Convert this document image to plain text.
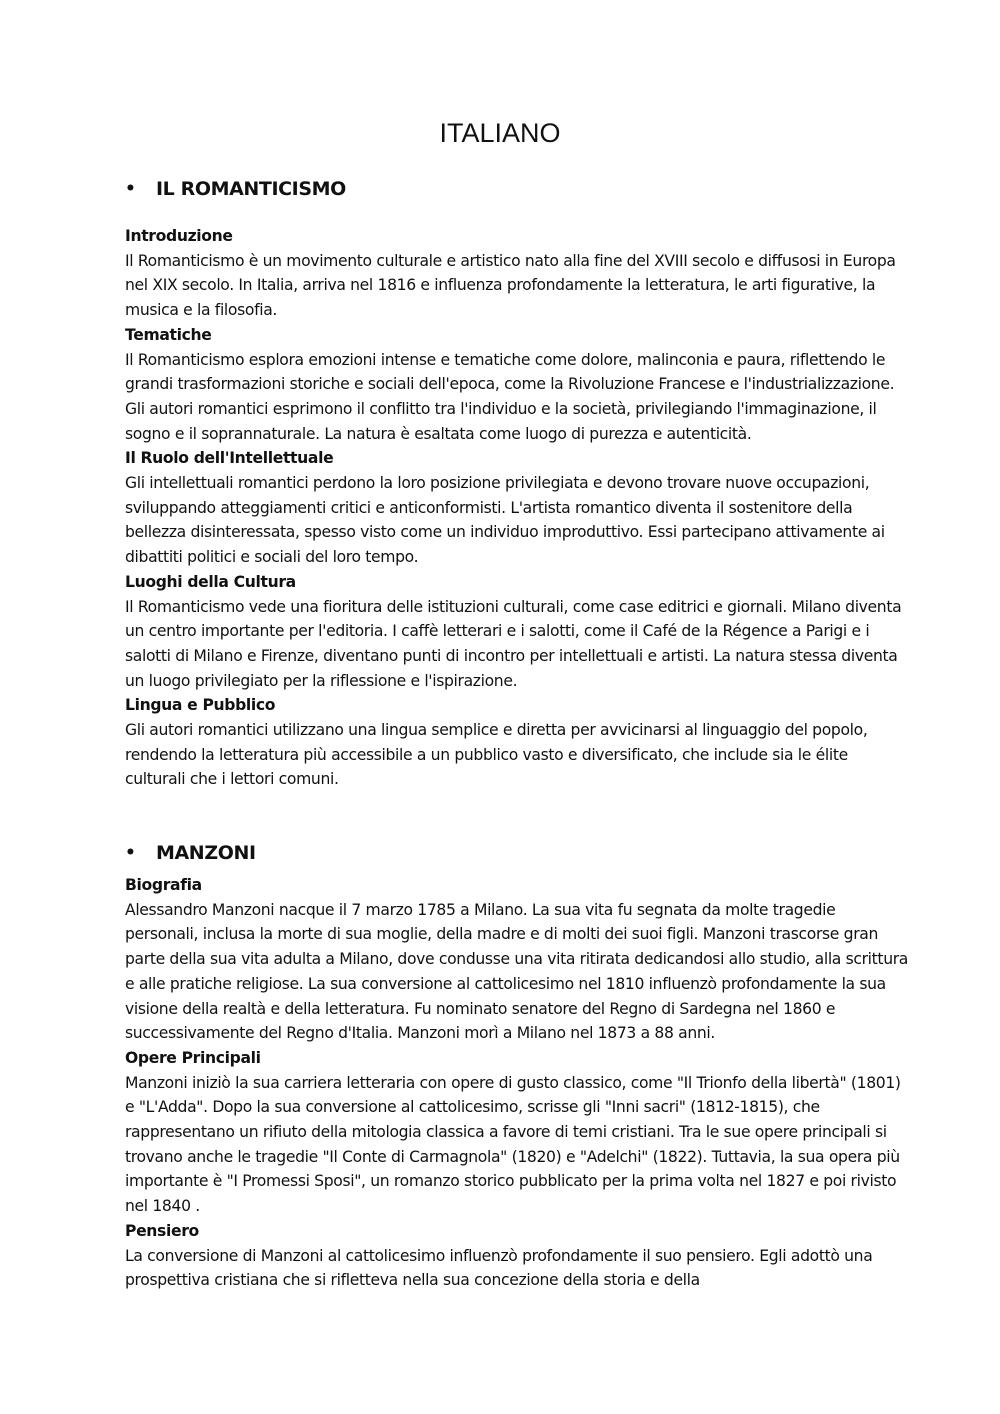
ITALIANO
•	IL ROMANTICISMO

Introduzione

Il Romanticismo è un movimento culturale e artistico nato alla fine del XVIII secolo e diffusosi in Europa nel XIX secolo. In Italia, arriva nel 1816 e influenza profondamente la letteratura, le arti figurative, la musica e la filosofia.

Tematiche

Il Romanticismo esplora emozioni intense e tematiche come dolore, malinconia e paura, riflettendo le grandi trasformazioni storiche e sociali dell'epoca, come la Rivoluzione Francese e l'industrializzazione. Gli autori romantici esprimono il conflitto tra l'individuo e la società, privilegiando l'immaginazione, il sogno e il soprannaturale. La natura è esaltata come luogo di purezza e autenticità.

Il Ruolo dell'Intellettuale

Gli intellettuali romantici perdono la loro posizione privilegiata e devono trovare nuove occupazioni, sviluppando atteggiamenti critici e anticonformisti. L'artista romantico diventa il sostenitore della bellezza disinteressata, spesso visto come un individuo improduttivo. Essi partecipano attivamente ai dibattiti politici e sociali del loro tempo.

Luoghi della Cultura

Il Romanticismo vede una fioritura delle istituzioni culturali, come case editrici e giornali. Milano diventa un centro importante per l'editoria. I caffè letterari e i salotti, come il Café de la Régence a Parigi e i salotti di Milano e Firenze, diventano punti di incontro per intellettuali e artisti. La natura stessa diventa un luogo privilegiato per la riflessione e l'ispirazione.

Lingua e Pubblico

Gli autori romantici utilizzano una lingua semplice e diretta per avvicinarsi al linguaggio del popolo, rendendo la letteratura più accessibile a un pubblico vasto e diversificato, che include sia le élite culturali che i lettori comuni.

•	MANZONI

Biografia

Alessandro Manzoni nacque il 7 marzo 1785 a Milano. La sua vita fu segnata da molte tragedie personali, inclusa la morte di sua moglie, della madre e di molti dei suoi figli. Manzoni trascorse gran parte della sua vita adulta a Milano, dove condusse una vita ritirata dedicandosi allo studio, alla scrittura e alle pratiche religiose. La sua conversione al cattolicesimo nel 1810 influenzò profondamente la sua visione della realtà e della letteratura. Fu nominato senatore del Regno di Sardegna nel 1860 e successivamente del Regno d'Italia. Manzoni morì a Milano nel 1873 a 88 anni.

Opere Principali

Manzoni iniziò la sua carriera letteraria con opere di gusto classico, come "Il Trionfo della libertà" (1801) e "L'Adda". Dopo la sua conversione al cattolicesimo, scrisse gli "Inni sacri" (1812-1815), che rappresentano un rifiuto della mitologia classica a favore di temi cristiani. Tra le sue opere principali si trovano anche le tragedie "Il Conte di Carmagnola" (1820) e "Adelchi" (1822). Tuttavia, la sua opera più importante è "I Promessi Sposi", un romanzo storico pubblicato per la prima volta nel 1827 e poi rivisto nel 1840 .

Pensiero

La conversione di Manzoni al cattolicesimo influenzò profondamente il suo pensiero. Egli adottò una prospettiva cristiana che si rifletteva nella sua concezione della storia e della
